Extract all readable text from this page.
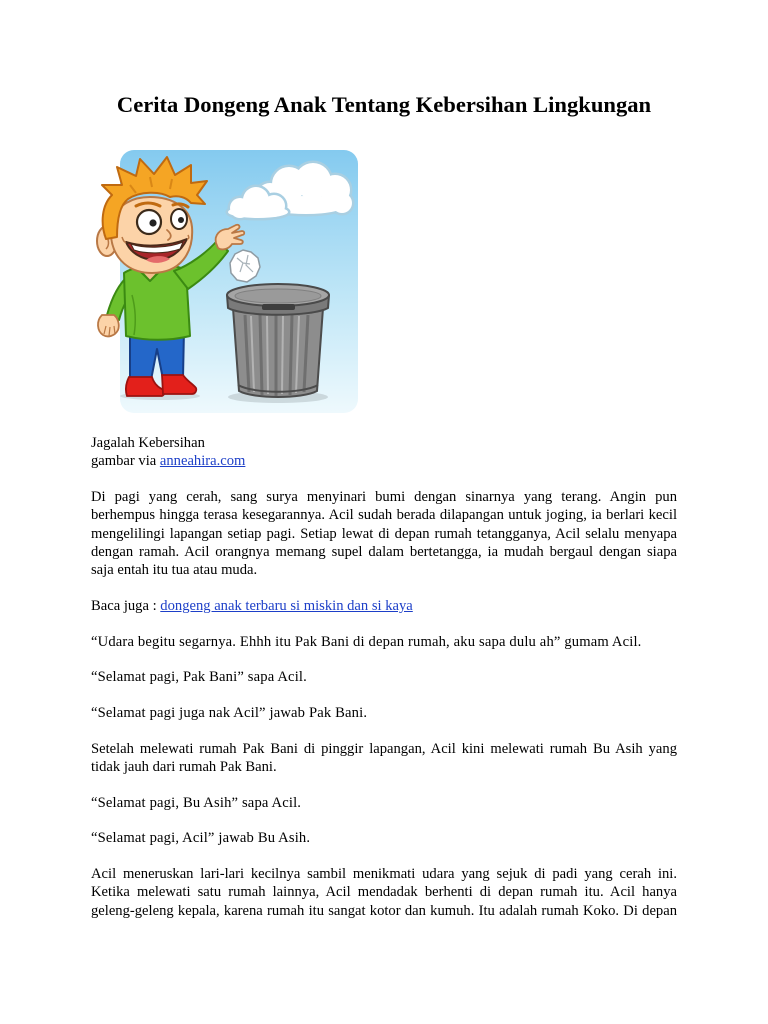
Cerita Dongeng Anak Tentang Kebersihan Lingkungan
Jagalah Kebersihan
gambar via anneahira.com
Di pagi yang cerah, sang surya menyinari bumi dengan sinarnya yang terang. Angin pun
berhempus hingga terasa kesegarannya. Acil sudah berada dilapangan untuk joging, ia berlari kecil
mengelilingi lapangan setiap pagi. Setiap lewat di depan rumah tetangganya, Acil selalu menyapa
dengan ramah. Acil orangnya memang supel dalam bertetangga, ia mudah bergaul dengan siapa
saja entah itu tua atau muda.
Baca juga : dongeng anak terbaru si miskin dan si kaya
“Udara begitu segarnya. Ehhh itu Pak Bani di depan rumah, aku sapa dulu ah” gumam Acil.
“Selamat pagi, Pak Bani” sapa Acil.
“Selamat pagi juga nak Acil” jawab Pak Bani.
Setelah melewati rumah Pak Bani di pinggir lapangan, Acil kini melewati rumah Bu Asih yang
tidak jauh dari rumah Pak Bani.
“Selamat pagi, Bu Asih” sapa Acil.
“Selamat pagi, Acil” jawab Bu Asih.
Acil meneruskan lari-lari kecilnya sambil menikmati udara yang sejuk di padi yang cerah ini.
Ketika melewati satu rumah lainnya, Acil mendadak berhenti di depan rumah itu. Acil hanya
geleng-geleng kepala, karena rumah itu sangat kotor dan kumuh. Itu adalah rumah Koko. Di depan
